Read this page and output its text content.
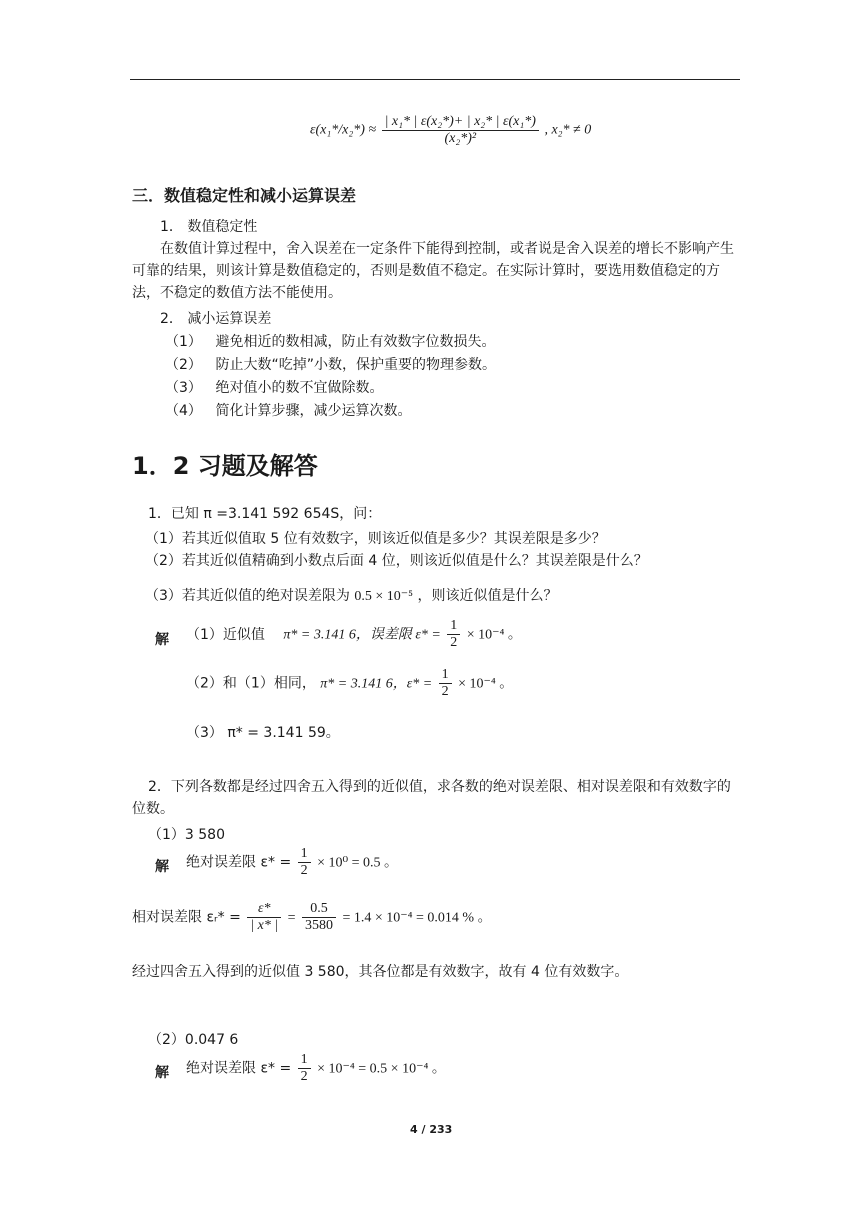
$\varepsilon(x_1*/x_2*) \approx \frac{\text{| x₁* | ε(x₂*)+ | x₂* | ε(x₁*)}}{\text{(x₂*)²}}$ , x₂* ≠ 0
三．数值稳定性和减小运算误差
1． 数值稳定性
在数值计算过程中，舍入误差在一定条件下能得到控制，或者说是舍入误差的增长不影响产生可靠的结果，则该计算是数值稳定的，否则是数值不稳定。在实际计算时，要选用数值稳定的方法，不稳定的数值方法不能使用。
2． 减小运算误差
（1） 避免相近的数相减，防止有效数字位数损失。
（2） 防止大数“吃掉”小数，保护重要的物理参数。
（3） 绝对值小的数不宜做除数。
（4） 简化计算步骤，减少运算次数。
1．2 习题及解答
1．已知 π =3.141 592 654S，问：
（1）若其近似值取 5 位有效数字，则该近似值是多少？其误差限是多少？
（2）若其近似值精确到小数点后面 4 位，则该近似值是什么？其误差限是什么？
（3）若其近似值的绝对误差限为 0.5 × 10⁻⁵ ，则该近似值是什么？
解 （1）近似值 π* = 3.141 6，误差限 $\varepsilon* = \frac{1}{2} \times 10^{-4}$ 。
（2）和（1）相同， π* = 3.141 6，$\varepsilon* = \frac{1}{2} \times 10^{-4}$ 。
（3） π* = 3.141 59。
2．下列各数都是经过四舍五入得到的近似值，求各数的绝对误差限、相对误差限和有效数字的位数。
（1）3 580
解 绝对误差限 $\varepsilon* = \frac{1}{2} \times 10^0 = 0.5$ 。
相对误差限 εᵣ* = $\frac{\varepsilon*}{| x* |} = \frac{0.5}{3580} = 1.4 \times 10^{-4} = 0.014$ % 。
经过四舍五入得到的近似值 3 580，其各位都是有效数字，故有 4 位有效数字。
（2）0.047 6
解 绝对误差限 $\varepsilon* = \frac{1}{2} \times 10^{-4} = 0.5 \times 10^{-4}$ 。
4 / 233
